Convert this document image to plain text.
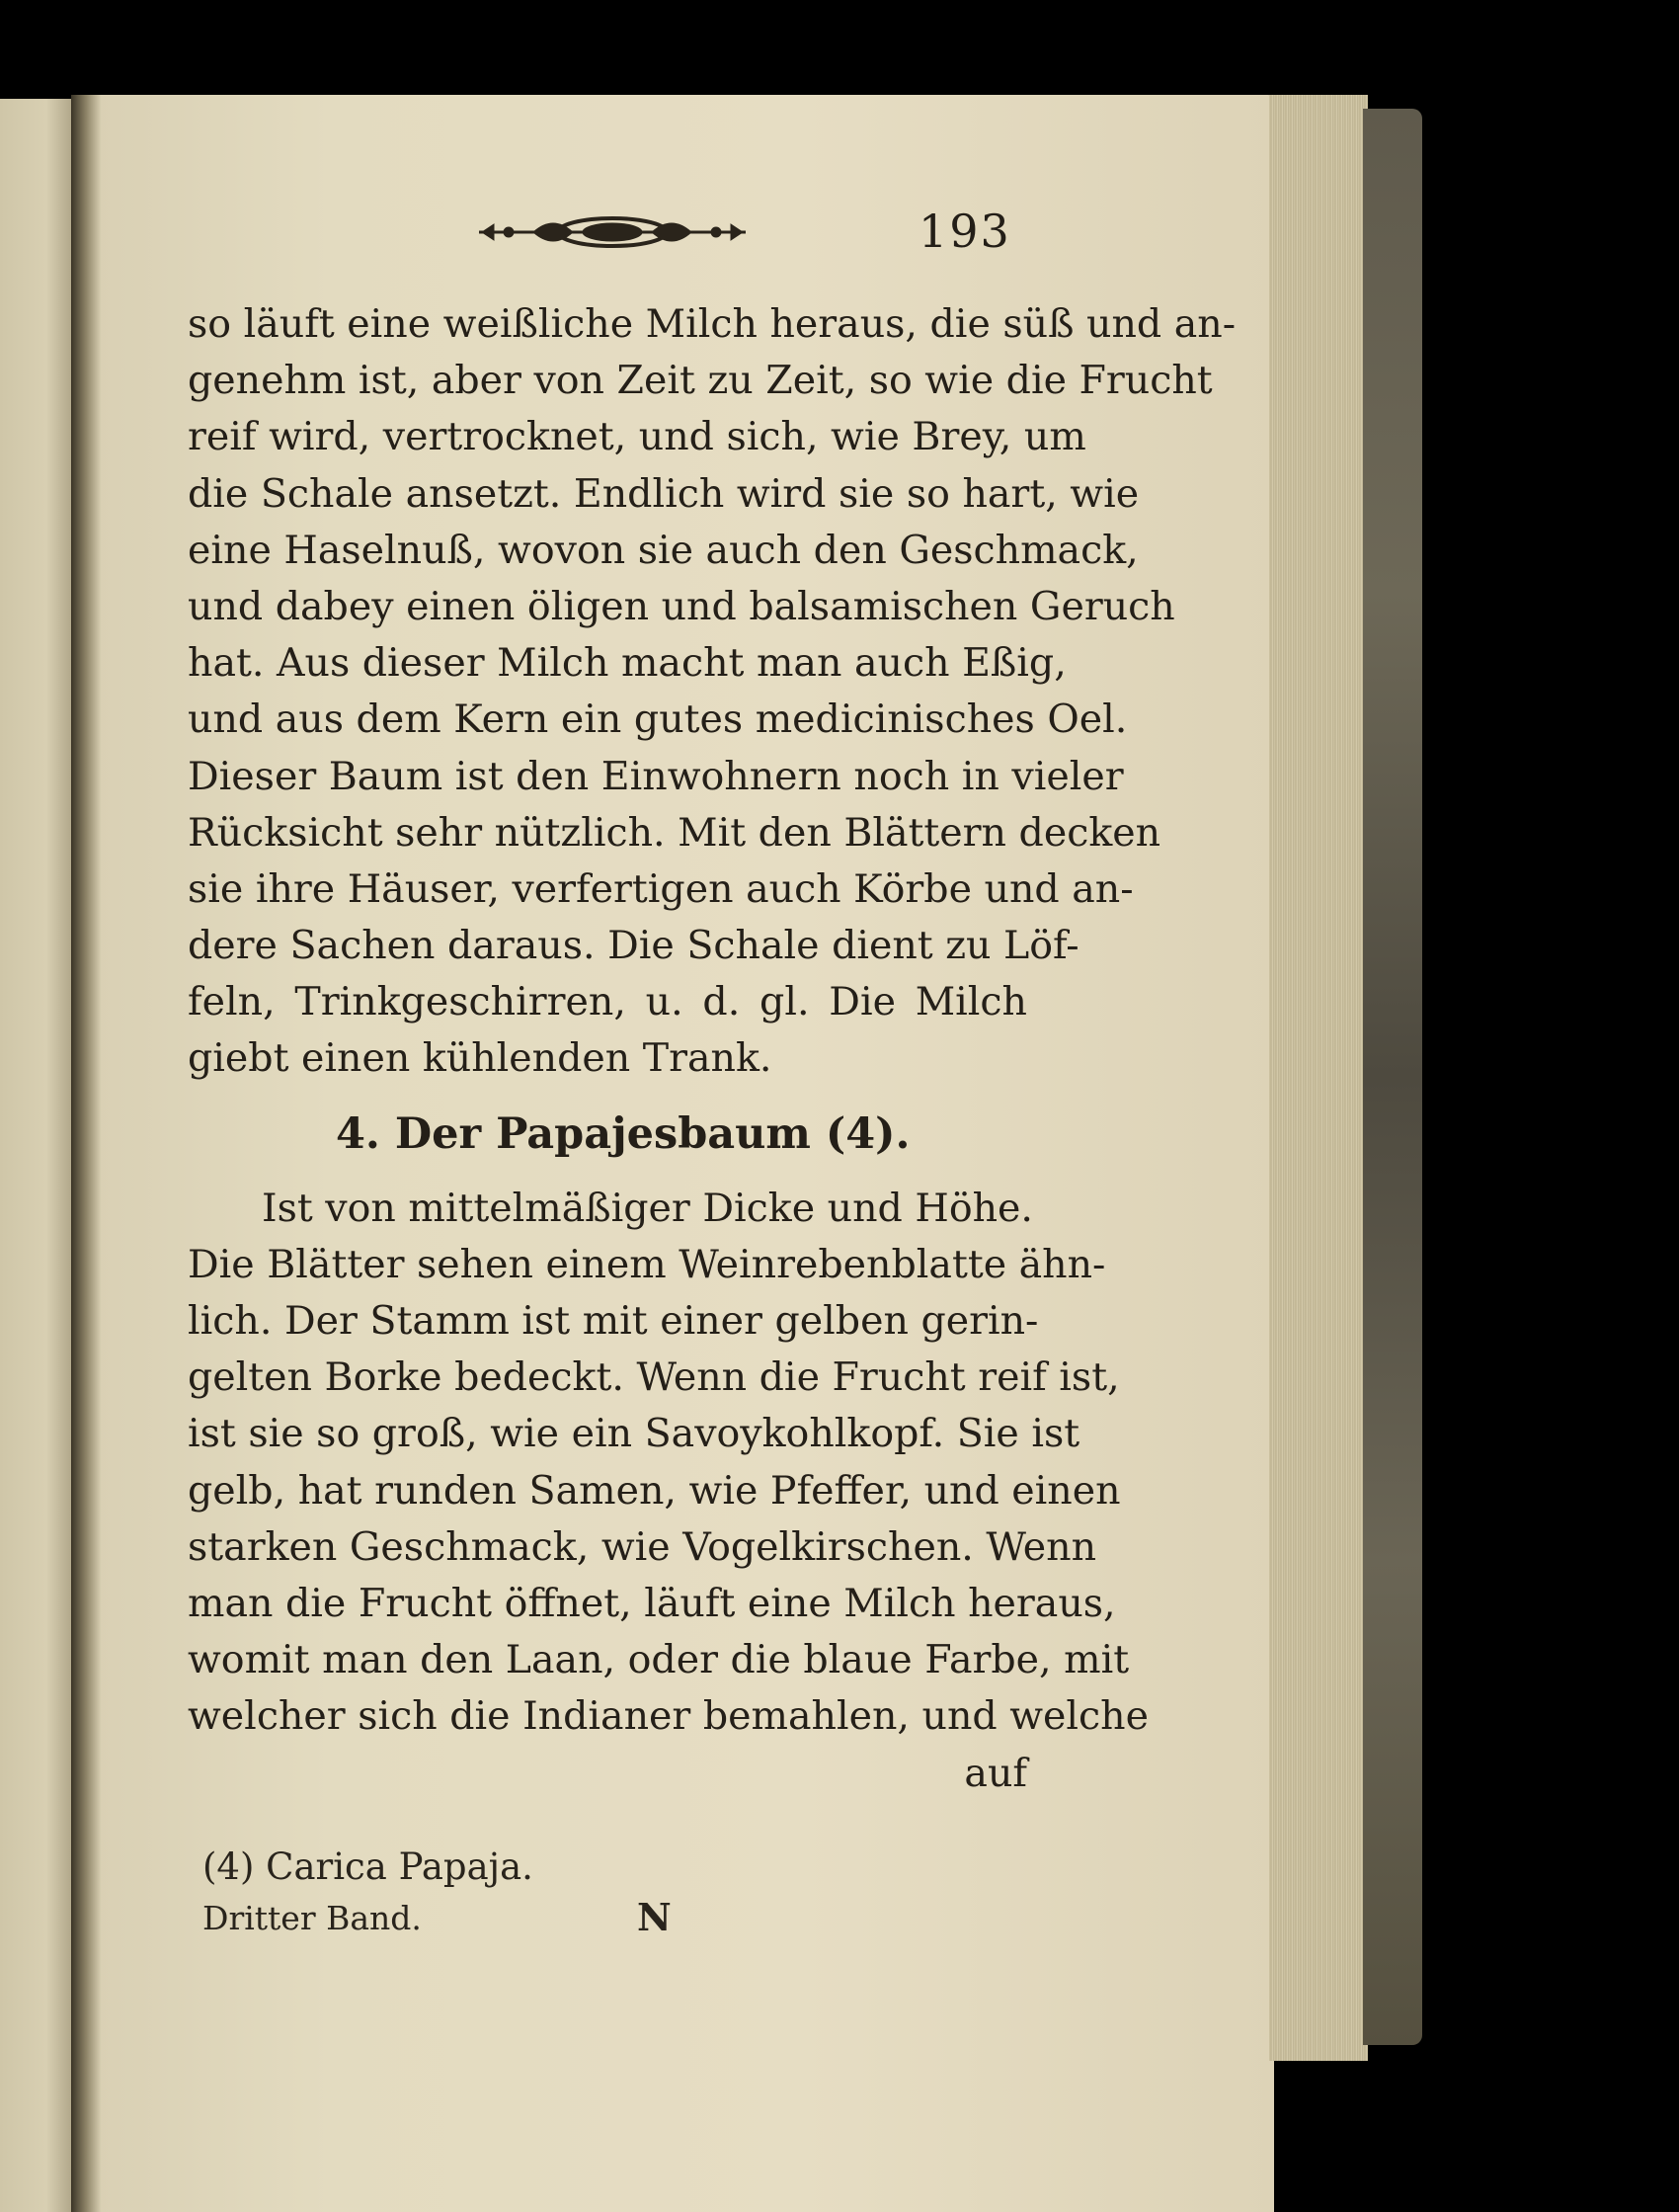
193
so läuft eine weißliche Milch heraus, die süß und an-
genehm ist, aber von Zeit zu Zeit, so wie die Frucht
reif wird, vertrocknet, und sich, wie Brey, um
die Schale ansetzt. Endlich wird sie so hart, wie
eine Haselnuß, wovon sie auch den Geschmack,
und dabey einen öligen und balsamischen Geruch
hat. Aus dieser Milch macht man auch Eßig,
und aus dem Kern ein gutes medicinisches Oel.
Dieser Baum ist den Einwohnern noch in vieler
Rücksicht sehr nützlich. Mit den Blättern decken
sie ihre Häuser, verfertigen auch Körbe und an-
dere Sachen daraus. Die Schale dient zu Löf-
feln, Trinkgeschirren, u. d. gl. Die Milch
giebt einen kühlenden Trank.
4. Der Papajesbaum (4).
Ist von mittelmäßiger Dicke und Höhe.
Die Blätter sehen einem Weinrebenblatte ähn-
lich. Der Stamm ist mit einer gelben gerin-
gelten Borke bedeckt. Wenn die Frucht reif ist,
ist sie so groß, wie ein Savoykohlkopf. Sie ist
gelb, hat runden Samen, wie Pfeffer, und einen
starken Geschmack, wie Vogelkirschen. Wenn
man die Frucht öffnet, läuft eine Milch heraus,
womit man den Laan, oder die blaue Farbe, mit
welcher sich die Indianer bemahlen, und welche
auf
(4) Carica Papaja.
Dritter Band.	N
